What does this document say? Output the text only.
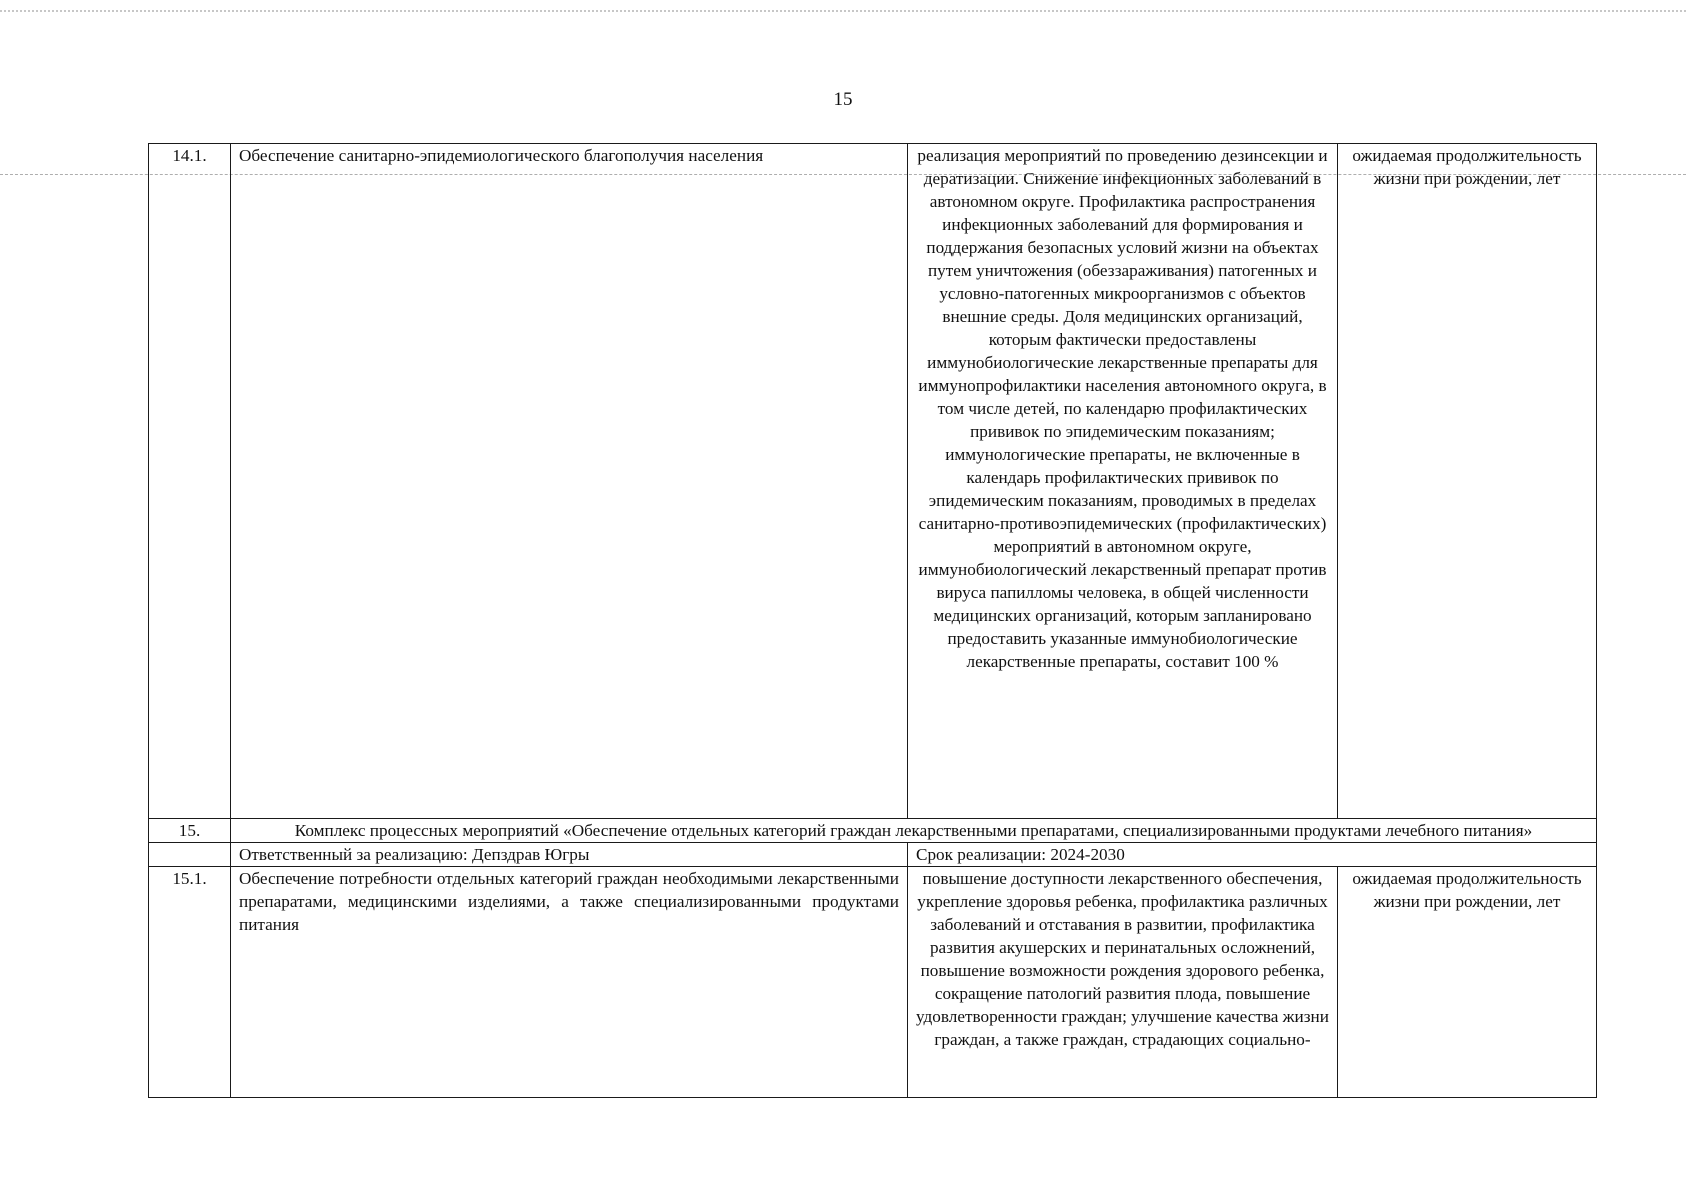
15
14.1.	Обеспечение санитарно-эпидемиологического благополучия населения	реализация мероприятий по проведению дезинсекции и дератизации. Снижение инфекционных заболеваний в автономном округе. Профилактика распространения инфекционных заболеваний для формирования и поддержания безопасных условий жизни на объектах путем уничтожения (обеззараживания) патогенных и условно-патогенных микроорганизмов с объектов внешние среды. Доля медицинских организаций, которым фактически предоставлены иммунобиологические лекарственные препараты для иммунопрофилактики населения автономного округа, в том числе детей, по календарю профилактических прививок по эпидемическим показаниям; иммунологические препараты, не включенные в календарь профилактических прививок по эпидемическим показаниям, проводимых в пределах санитарно-противоэпидемических (профилактических) мероприятий в автономном округе, иммунобиологический лекарственный препарат против вируса папилломы человека, в общей численности медицинских организаций, которым запланировано предоставить указанные иммунобиологические лекарственные препараты, составит 100 %	ожидаемая продолжительность жизни при рождении, лет
15.	Комплекс процессных мероприятий «Обеспечение отдельных категорий граждан лекарственными препаратами, специализированными продуктами лечебного питания»		
	Ответственный за реализацию: Депздрав Югры	Срок реализации: 2024-2030	
15.1.	Обеспечение потребности отдельных категорий граждан необходимыми лекарственными препаратами, медицинскими изделиями, а также специализированными продуктами питания	повышение доступности лекарственного обеспечения, укрепление здоровья ребенка, профилактика различных заболеваний и отставания в развитии, профилактика развития акушерских и перинатальных осложнений, повышение возможности рождения здорового ребенка, сокращение патологий развития плода, повышение удовлетворенности граждан; улучшение качества жизни граждан, а также граждан, страдающих социально-	ожидаемая продолжительность жизни при рождении, лет
